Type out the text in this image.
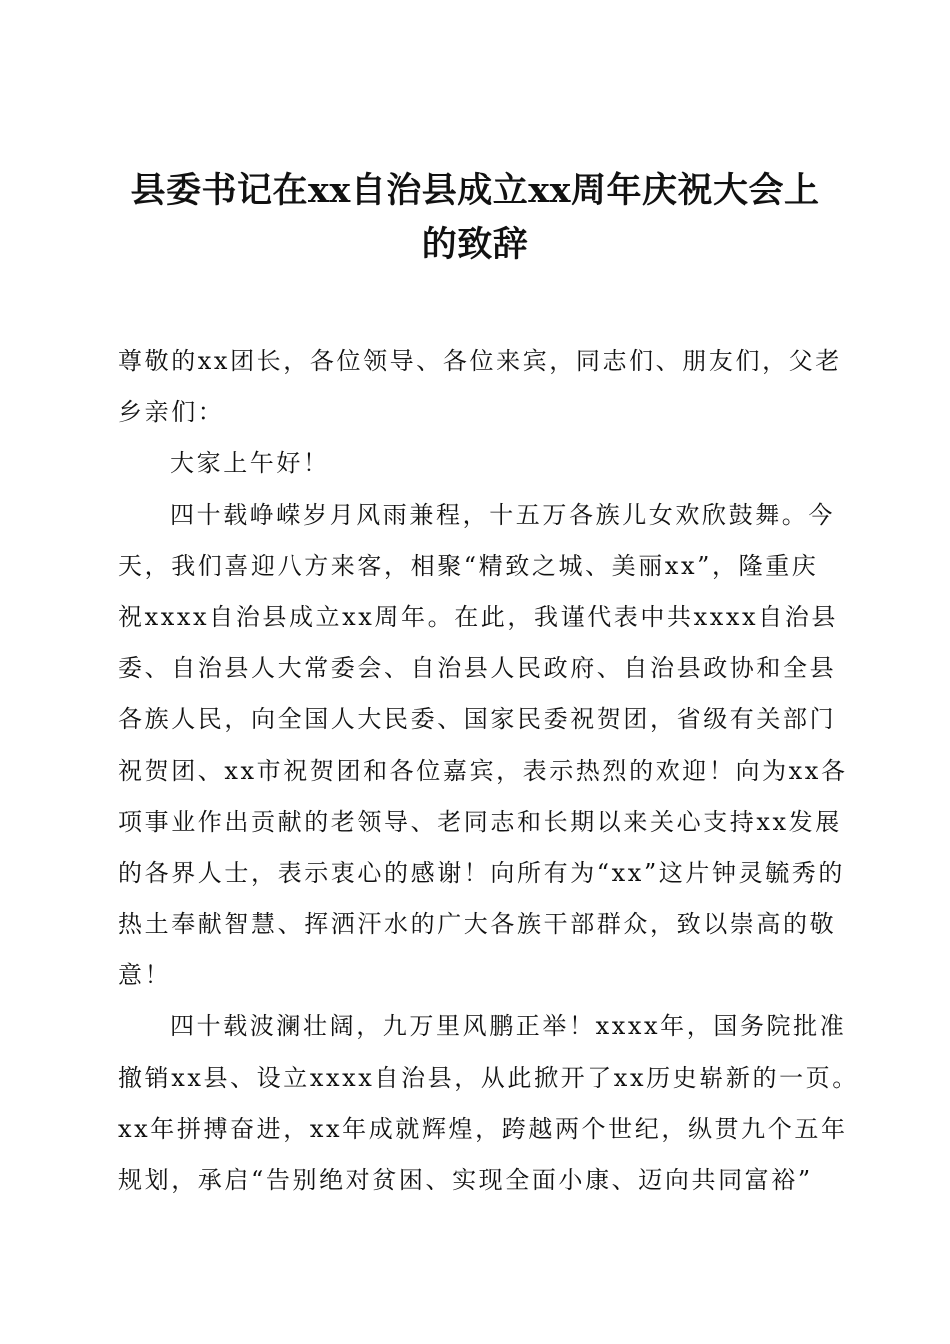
县委书记在xx自治县成立xx周年庆祝大会上
的致辞
尊敬的xx团长，各位领导、各位来宾，同志们、朋友们，父老
乡亲们：
大家上午好！
四十载峥嵘岁月风雨兼程，十五万各族儿女欢欣鼓舞。今
天，我们喜迎八方来客，相聚“精致之城、美丽xx”，隆重庆
祝xxxx自治县成立xx周年。在此，我谨代表中共xxxx自治县
委、自治县人大常委会、自治县人民政府、自治县政协和全县
各族人民，向全国人大民委、国家民委祝贺团，省级有关部门
祝贺团、xx市祝贺团和各位嘉宾，表示热烈的欢迎！向为xx各
项事业作出贡献的老领导、老同志和长期以来关心支持xx发展
的各界人士，表示衷心的感谢！向所有为“xx”这片钟灵毓秀的
热土奉献智慧、挥洒汗水的广大各族干部群众，致以崇高的敬
意！
四十载波澜壮阔，九万里风鹏正举！xxxx年，国务院批准
撤销xx县、设立xxxx自治县，从此掀开了xx历史崭新的一页。
xx年拼搏奋进，xx年成就辉煌，跨越两个世纪，纵贯九个五年
规划，承启“告别绝对贫困、实现全面小康、迈向共同富裕”
